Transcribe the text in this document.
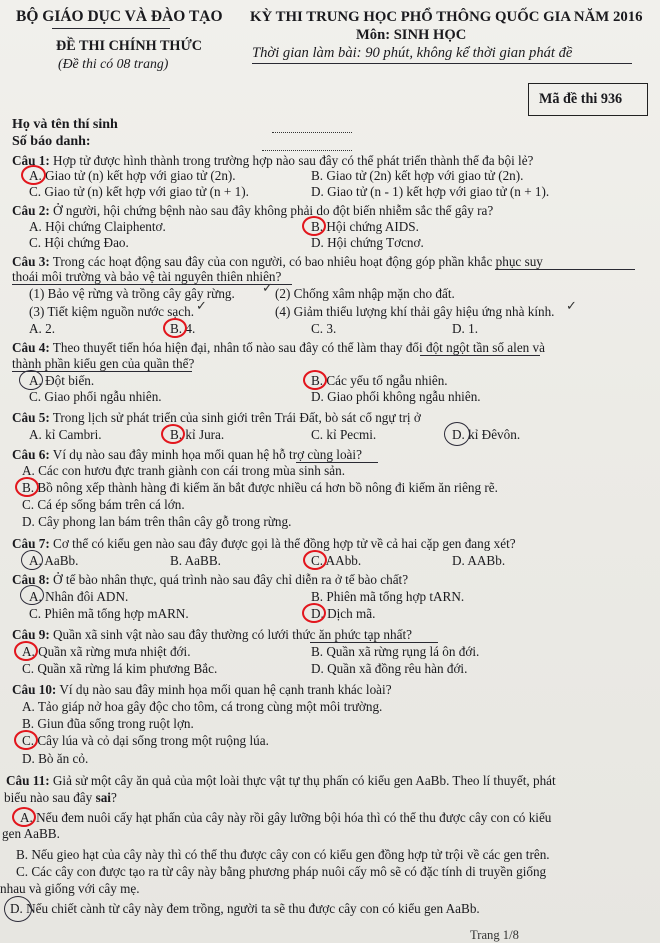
BỘ GIÁO DỤC VÀ ĐÀO TẠO KỲ THI TRUNG HỌC PHỔ THÔNG QUỐC GIA NĂM 2016
Môn: SINH HỌC
ĐỀ THI CHÍNH THỨC	Thời gian làm bài: 90 phút, không kể thời gian phát đề
(Đề thi có 08 trang)
Mã đề thi 936
Họ và tên thí sinh
Số báo danh:
Câu 1: Hợp tử được hình thành trong trường hợp nào sau đây có thể phát triển thành thể đa bội lẻ?
A. Giao tử (n) kết hợp với giao tử (2n).	B. Giao tử (2n) kết hợp với giao tử (2n).
C. Giao tử (n) kết hợp với giao tử (n + 1).	D. Giao tử (n - 1) kết hợp với giao tử (n + 1).
Câu 2: Ở người, hội chứng bệnh nào sau đây không phải do đột biến nhiễm sắc thể gây ra?
A. Hội chứng Claiphentơ.	B. Hội chứng AIDS.
C. Hội chứng Đao.	D. Hội chứng Tơcnơ.
Câu 3: Trong các hoạt động sau đây của con người, có bao nhiêu hoạt động góp phần khắc phục suy
thoái môi trường và bảo vệ tài nguyên thiên nhiên?
(1) Bảo vệ rừng và trồng cây gây rừng.	(2) Chống xâm nhập mặn cho đất.
(3) Tiết kiệm nguồn nước sạch.	(4) Giảm thiểu lượng khí thải gây hiệu ứng nhà kính.
✓
✓	✓
A. 2.	B. 4.	C. 3.	D. 1.
Câu 4: Theo thuyết tiến hóa hiện đại, nhân tố nào sau đây có thể làm thay đổi đột ngột tần số alen và
thành phần kiểu gen của quần thể?
A. Đột biến.	B. Các yếu tố ngẫu nhiên.
C. Giao phối ngẫu nhiên.	D. Giao phối không ngẫu nhiên.
Câu 5: Trong lịch sử phát triển của sinh giới trên Trái Đất, bò sát cổ ngự trị ở
A. kỉ Cambri.	B. kỉ Jura.	C. kỉ Pecmi.	D. kỉ Đêvôn.
Câu 6: Ví dụ nào sau đây minh họa mối quan hệ hỗ trợ cùng loài?
A. Các con hươu đực tranh giành con cái trong mùa sinh sản.
B. Bồ nông xếp thành hàng đi kiếm ăn bắt được nhiều cá hơn bồ nông đi kiếm ăn riêng rẽ.
C. Cá ép sống bám trên cá lớn.
D. Cây phong lan bám trên thân cây gỗ trong rừng.
Câu 7: Cơ thể có kiểu gen nào sau đây được gọi là thể đồng hợp tử về cả hai cặp gen đang xét?
A. AaBb.	B. AaBB.	C. AAbb.	D. AABb.
Câu 8: Ở tế bào nhân thực, quá trình nào sau đây chỉ diễn ra ở tế bào chất?
A. Nhân đôi ADN.	B. Phiên mã tổng hợp tARN.
C. Phiên mã tổng hợp mARN.	D. Dịch mã.
Câu 9: Quần xã sinh vật nào sau đây thường có lưới thức ăn phức tạp nhất?
A. Quần xã rừng mưa nhiệt đới.	B. Quần xã rừng rụng lá ôn đới.
C. Quần xã rừng lá kim phương Bắc.	D. Quần xã đồng rêu hàn đới.
Câu 10: Ví dụ nào sau đây minh họa mối quan hệ cạnh tranh khác loài?
A. Tảo giáp nở hoa gây độc cho tôm, cá trong cùng một môi trường.
B. Giun đũa sống trong ruột lợn.
C. Cây lúa và cỏ dại sống trong một ruộng lúa.
D. Bò ăn cỏ.
Câu 11: Giả sử một cây ăn quả của một loài thực vật tự thụ phấn có kiểu gen AaBb. Theo lí thuyết, phát
biểu nào sau đây sai?
A. Nếu đem nuôi cấy hạt phấn của cây này rồi gây lưỡng bội hóa thì có thể thu được cây con có kiểu
gen AaBB.
B. Nếu gieo hạt của cây này thì có thể thu được cây con có kiểu gen đồng hợp tử trội về các gen trên.
C. Các cây con được tạo ra từ cây này bằng phương pháp nuôi cấy mô sẽ có đặc tính di truyền giống
nhau và giống với cây mẹ.
D. Nếu chiết cành từ cây này đem trồng, người ta sẽ thu được cây con có kiểu gen AaBb.
Trang 1/8
